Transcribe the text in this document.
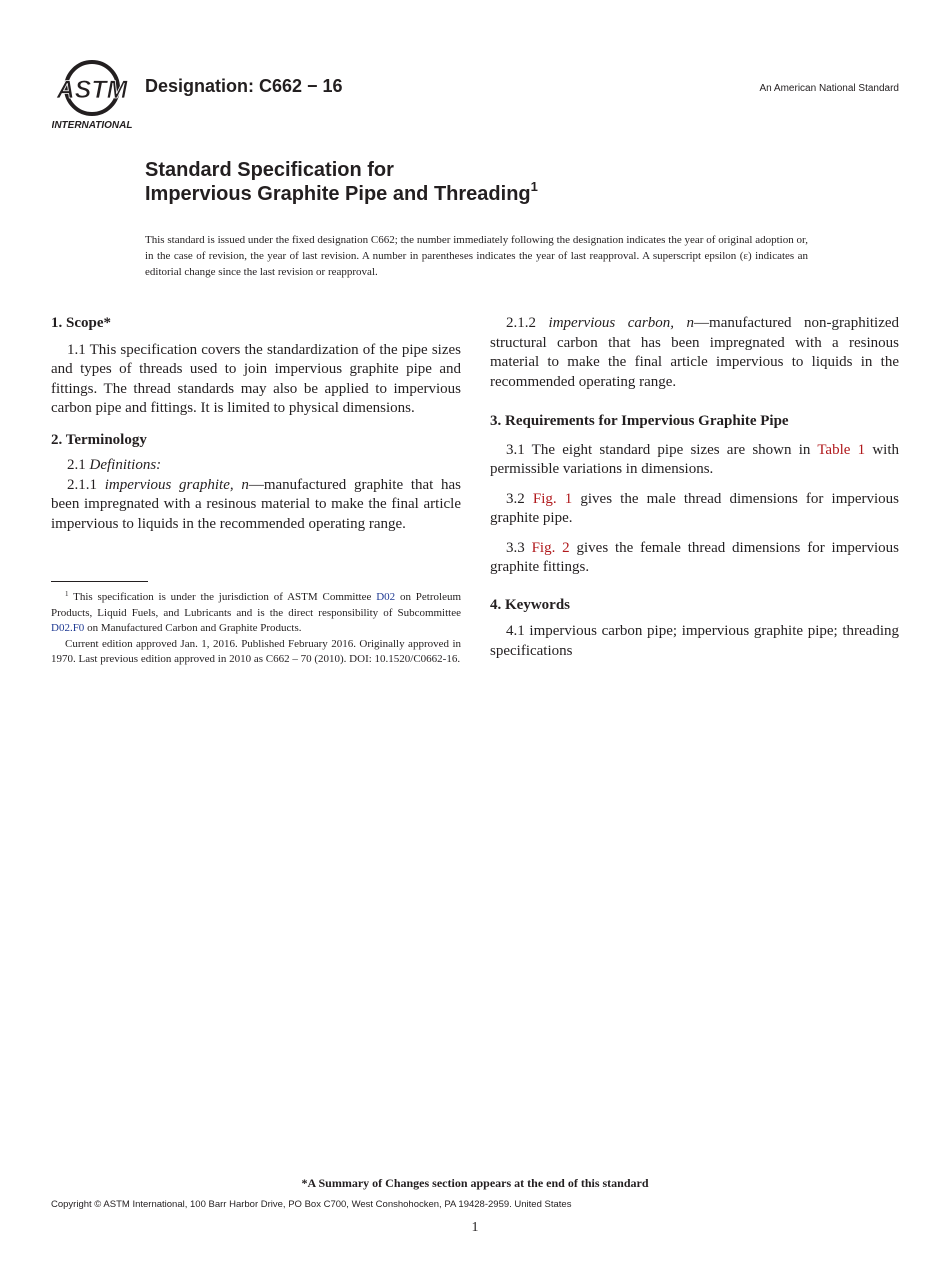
ASTM
INTERNATIONAL
Designation: C662 − 16	An American National Standard
Standard Specification for
Impervious Graphite Pipe and Threading$^1$
This standard is issued under the fixed designation C662; the number immediately following the designation indicates the year of original adoption or, in the case of revision, the year of last revision. A number in parentheses indicates the year of last reapproval. A superscript epsilon (ε) indicates an editorial change since the last revision or reapproval.

1. Scope*

1.1 This specification covers the standardization of the pipe sizes and types of threads used to join impervious graphite pipe and fittings. The thread standards may also be applied to impervious carbon pipe and fittings. It is limited to physical dimensions.

2. Terminology

2.1 Definitions:

2.1.1 impervious graphite, n—manufactured graphite that has been impregnated with a resinous material to make the final article impervious to liquids in the recommended operating range.

$^1$ This specification is under the jurisdiction of ASTM Committee D02 on Petroleum Products, Liquid Fuels, and Lubricants and is the direct responsibility of Subcommittee D02.F0 on Manufactured Carbon and Graphite Products.

Current edition approved Jan. 1, 2016. Published February 2016. Originally approved in 1970. Last previous edition approved in 2010 as C662 – 70 (2010). DOI: 10.1520/C0662-16.

2.1.2 impervious carbon, n—manufactured non-graphitized structural carbon that has been impregnated with a resinous material to make the final article impervious to liquids in the recommended operating range.

3. Requirements for Impervious Graphite Pipe

3.1 The eight standard pipe sizes are shown in Table 1 with permissible variations in dimensions.

3.2 Fig. 1 gives the male thread dimensions for impervious graphite pipe.

3.3 Fig. 2 gives the female thread dimensions for impervious graphite fittings.

4. Keywords

4.1 impervious carbon pipe; impervious graphite pipe; threading specifications

*A Summary of Changes section appears at the end of this standard
Copyright © ASTM International, 100 Barr Harbor Drive, PO Box C700, West Conshohocken, PA 19428-2959. United States
1
